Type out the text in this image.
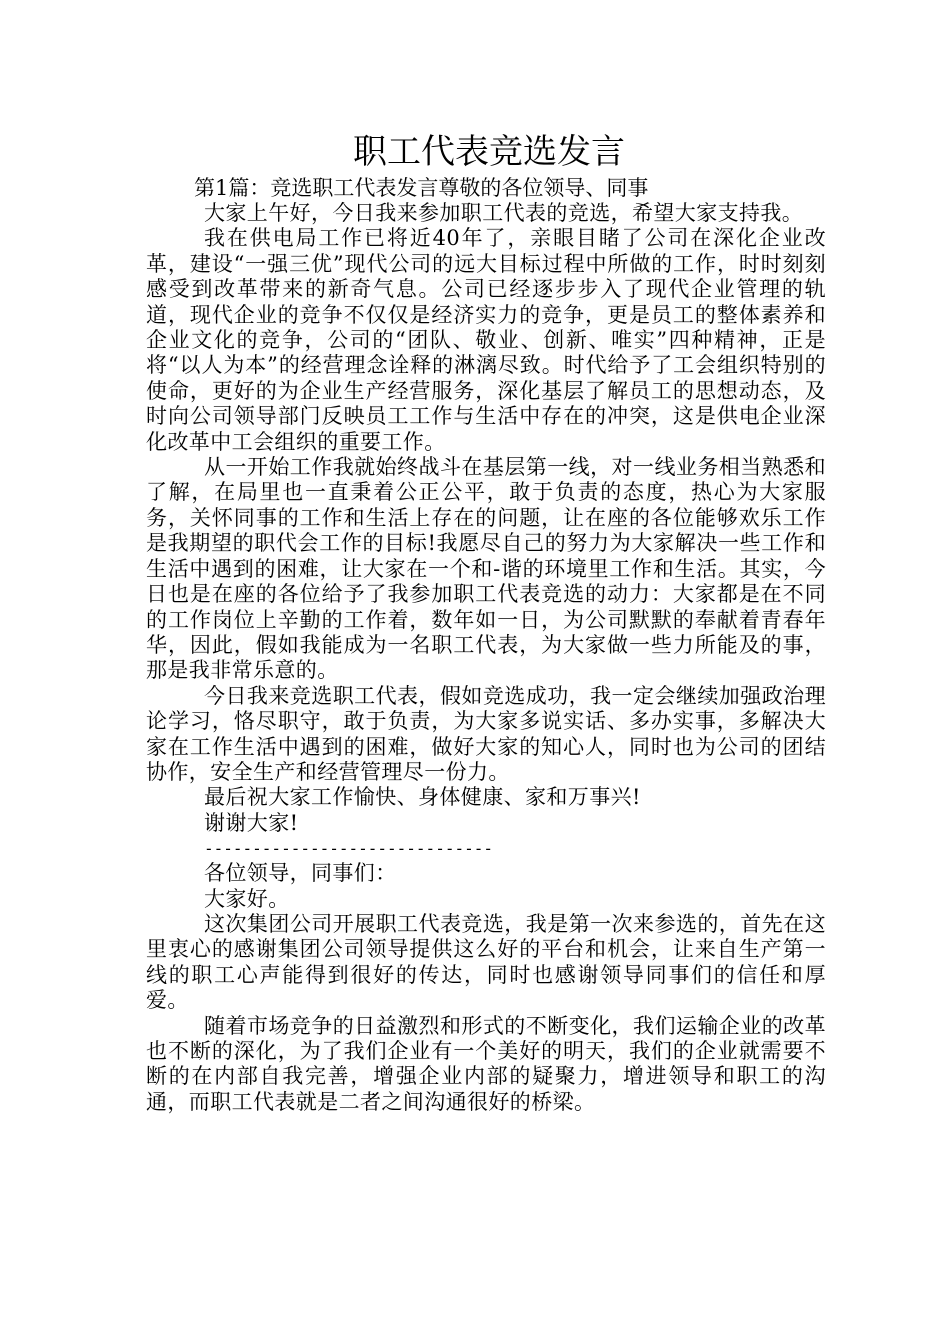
职工代表竞选发言

第1篇：竞选职工代表发言尊敬的各位领导、同事

大家上午好，今日我来参加职工代表的竞选，希望大家支持我。

我在供电局工作已将近40年了，亲眼目睹了公司在深化企业改革，建设“一强三优”现代公司的远大目标过程中所做的工作，时时刻刻感受到改革带来的新奇气息。公司已经逐步步入了现代企业管理的轨道，现代企业的竞争不仅仅是经济实力的竞争，更是员工的整体素养和企业文化的竞争，公司的“团队、敬业、创新、唯实”四种精神，正是将“以人为本”的经营理念诠释的淋漓尽致。时代给予了工会组织特别的使命，更好的为企业生产经营服务，深化基层了解员工的思想动态，及时向公司领导部门反映员工工作与生活中存在的冲突，这是供电企业深化改革中工会组织的重要工作。

从一开始工作我就始终战斗在基层第一线，对一线业务相当熟悉和了解，在局里也一直秉着公正公平，敢于负责的态度，热心为大家服务，关怀同事的工作和生活上存在的问题，让在座的各位能够欢乐工作是我期望的职代会工作的目标!我愿尽自己的努力为大家解决一些工作和生活中遇到的困难，让大家在一个和-谐的环境里工作和生活。其实，今日也是在座的各位给予了我参加职工代表竞选的动力：大家都是在不同的工作岗位上辛勤的工作着，数年如一日，为公司默默的奉献着青春年华，因此，假如我能成为一名职工代表，为大家做一些力所能及的事，那是我非常乐意的。

今日我来竞选职工代表，假如竞选成功，我一定会继续加强政治理论学习，恪尽职守，敢于负责，为大家多说实话、多办实事，多解决大家在工作生活中遇到的困难，做好大家的知心人，同时也为公司的团结协作，安全生产和经营管理尽一份力。

最后祝大家工作愉快、身体健康、家和万事兴!

谢谢大家!

------------------------------

各位领导，同事们：

大家好。

这次集团公司开展职工代表竞选，我是第一次来参选的，首先在这里衷心的感谢集团公司领导提供这么好的平台和机会，让来自生产第一线的职工心声能得到很好的传达，同时也感谢领导同事们的信任和厚爱。

随着市场竞争的日益激烈和形式的不断变化，我们运输企业的改革也不断的深化，为了我们企业有一个美好的明天，我们的企业就需要不断的在内部自我完善，增强企业内部的疑聚力，增进领导和职工的沟通，而职工代表就是二者之间沟通很好的桥梁。
